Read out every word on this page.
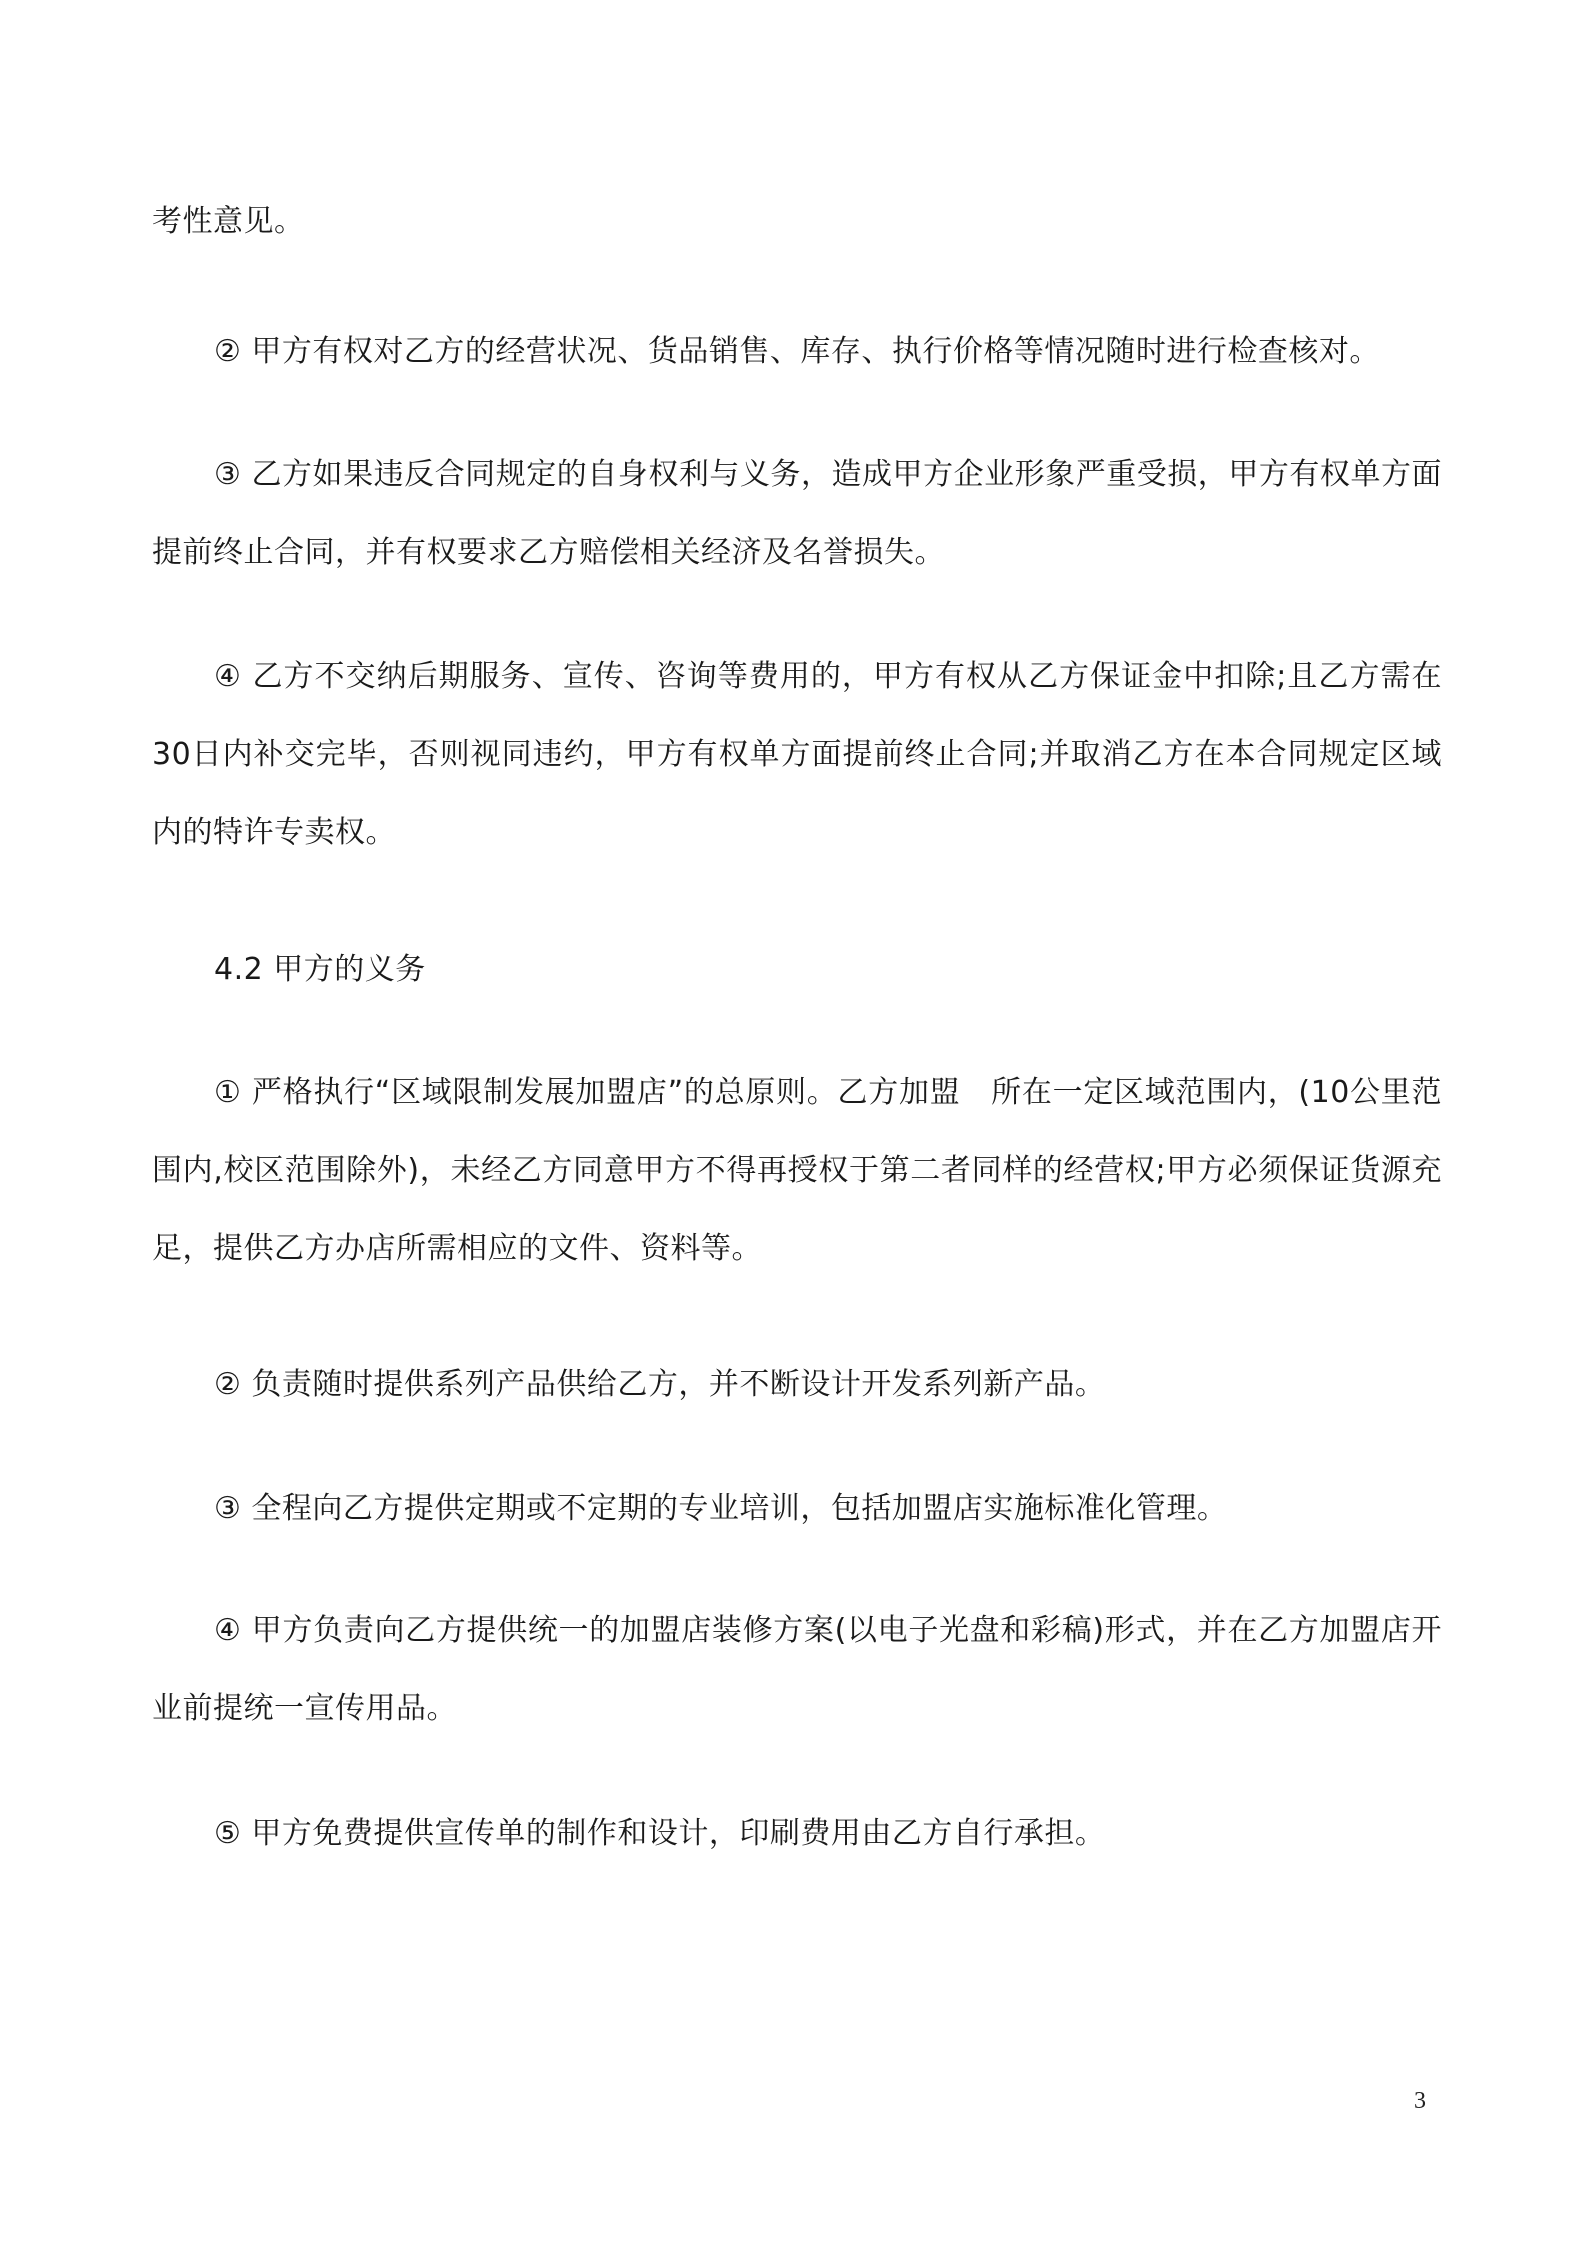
考性意见。

② 甲方有权对乙方的经营状况、货品销售、库存、执行价格等情况随时进行检查核对。

③ 乙方如果违反合同规定的自身权利与义务，造成甲方企业形象严重受损，甲方有权单方面提前终止合同，并有权要求乙方赔偿相关经济及名誉损失。

④ 乙方不交纳后期服务、宣传、咨询等费用的，甲方有权从乙方保证金中扣除;且乙方需在30日内补交完毕，否则视同违约，甲方有权单方面提前终止合同;并取消乙方在本合同规定区域内的特许专卖权。

4.2 甲方的义务

① 严格执行“区域限制发展加盟店”的总原则。乙方加盟　所在一定区域范围内，(10公里范围内,校区范围除外)，未经乙方同意甲方不得再授权于第二者同样的经营权;甲方必须保证货源充足，提供乙方办店所需相应的文件、资料等。

② 负责随时提供系列产品供给乙方，并不断设计开发系列新产品。

③ 全程向乙方提供定期或不定期的专业培训，包括加盟店实施标准化管理。

④ 甲方负责向乙方提供统一的加盟店装修方案(以电子光盘和彩稿)形式，并在乙方加盟店开业前提统一宣传用品。

⑤ 甲方免费提供宣传单的制作和设计，印刷费用由乙方自行承担。

3
